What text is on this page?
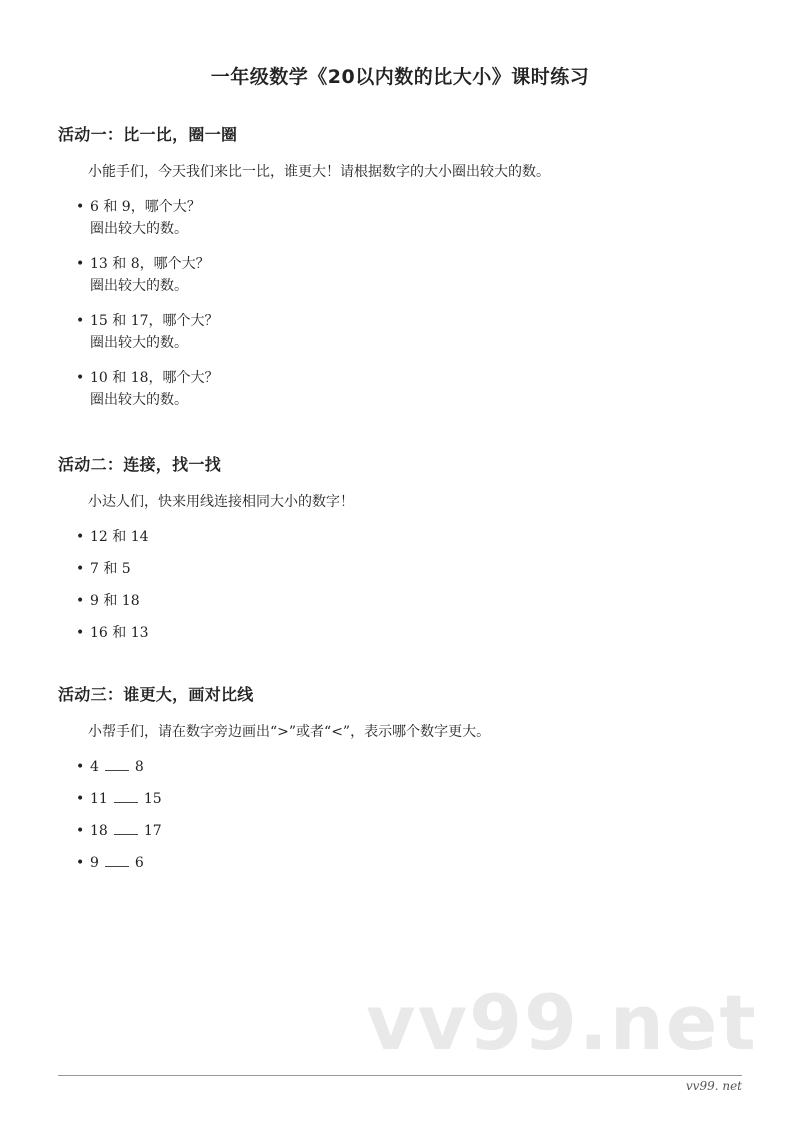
一年级数学《20以内数的比大小》课时练习
活动一：比一比，圈一圈

小能手们，今天我们来比一比，谁更大！请根据数字的大小圈出较大的数。

• 6 和 9，哪个大？
圈出较大的数。
• 13 和 8，哪个大？
圈出较大的数。
• 15 和 17，哪个大？
圈出较大的数。
• 10 和 18，哪个大？
圈出较大的数。
活动二：连接，找一找

小达人们，快来用线连接相同大小的数字！

• 12 和 14
• 7 和 5
• 9 和 18
• 16 和 13
活动三：谁更大，画对比线

小帮手们，请在数字旁边画出“>”或者“<”，表示哪个数字更大。

• 4	8
• 11	15
• 18	17
• 9	6
vv99.net
vv99. net
